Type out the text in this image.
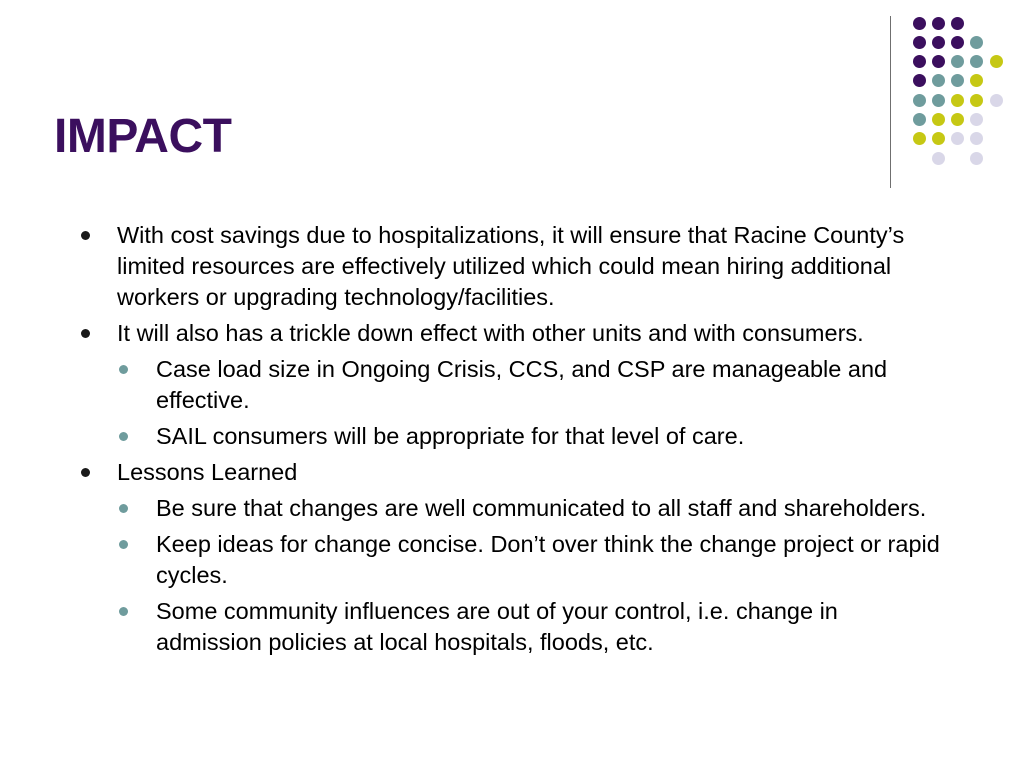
IMPACT
With cost savings due to hospitalizations, it will ensure that Racine County’s limited resources are effectively utilized which could mean hiring additional workers or upgrading technology/facilities.
It will also has a trickle down effect with other units and with consumers.
Case load size in Ongoing Crisis, CCS, and CSP are manageable and effective.
SAIL consumers will be appropriate for that level of care.
Lessons Learned
Be sure that changes are well communicated to all staff and shareholders.
Keep ideas for change concise. Don’t over think the change project or rapid cycles.
Some community influences are out of your control, i.e. change in admission policies at local hospitals, floods, etc.
